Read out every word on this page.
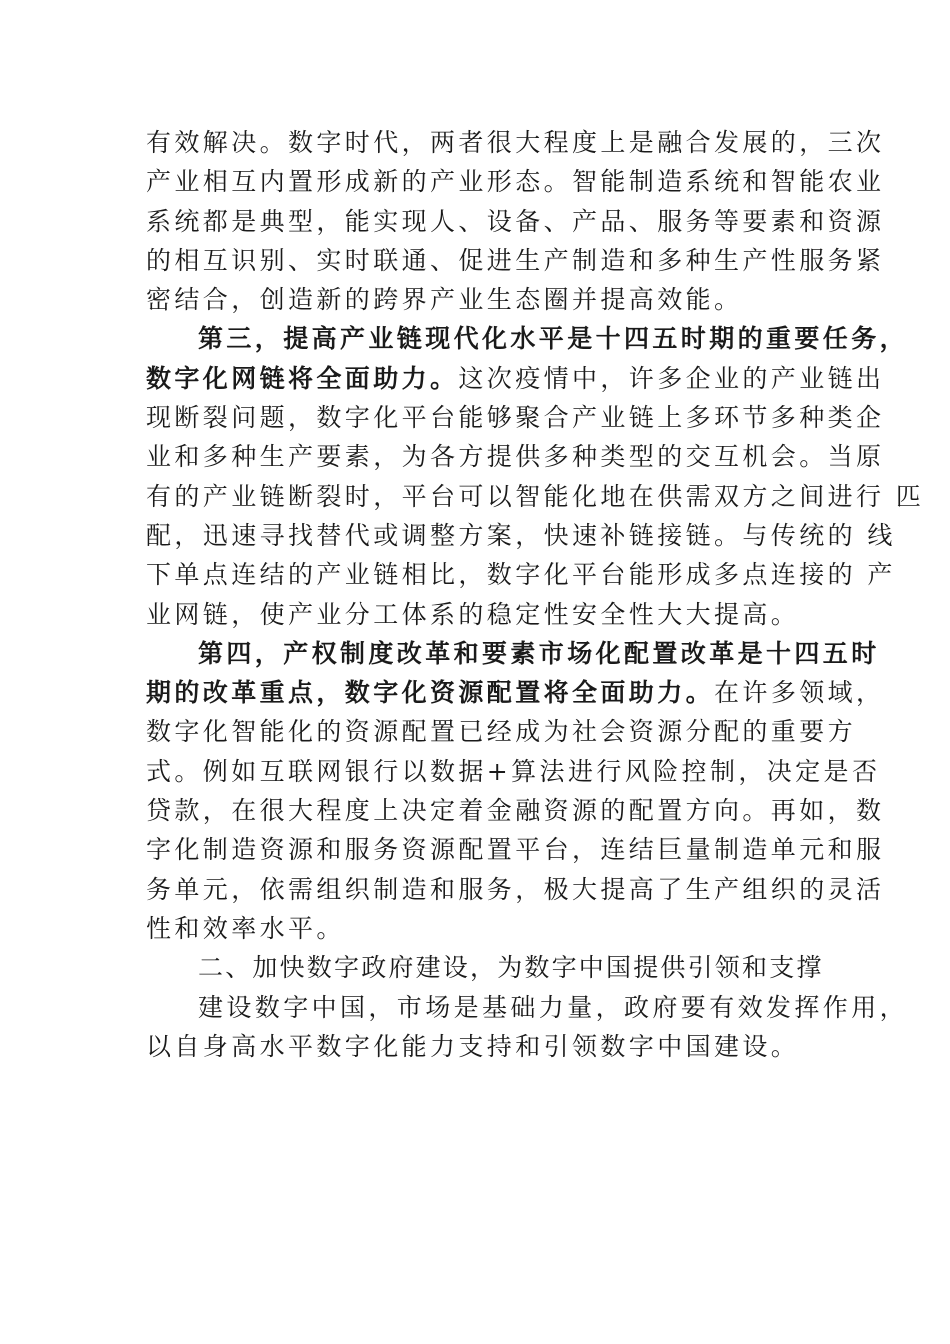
有效解决。数字时代，两者很大程度上是融合发展的，三次
产业相互内置形成新的产业形态。智能制造系统和智能农业
系统都是典型，能实现人、设备、产品、服务等要素和资源
的相互识别、实时联通、促进生产制造和多种生产性服务紧
密结合，创造新的跨界产业生态圈并提高效能。
第三，提高产业链现代化水平是十四五时期的重要任务，
数字化网链将全面助力。这次疫情中，许多企业的产业链出
现断裂问题，数字化平台能够聚合产业链上多环节多种类企
业和多种生产要素，为各方提供多种类型的交互机会。当原
有的产业链断裂时，平台可以智能化地在供需双方之间进行 匹
配，迅速寻找替代或调整方案，快速补链接链。与传统的 线
下单点连结的产业链相比，数字化平台能形成多点连接的 产
业网链，使产业分工体系的稳定性安全性大大提高。
第四，产权制度改革和要素市场化配置改革是十四五时
期的改革重点，数字化资源配置将全面助力。在许多领域，
数字化智能化的资源配置已经成为社会资源分配的重要方
式。例如互联网银行以数据+算法进行风险控制，决定是否
贷款，在很大程度上决定着金融资源的配置方向。再如，数
字化制造资源和服务资源配置平台，连结巨量制造单元和服
务单元，依需组织制造和服务，极大提高了生产组织的灵活
性和效率水平。
二、加快数字政府建设，为数字中国提供引领和支撑
建设数字中国，市场是基础力量，政府要有效发挥作用，
以自身高水平数字化能力支持和引领数字中国建设。
